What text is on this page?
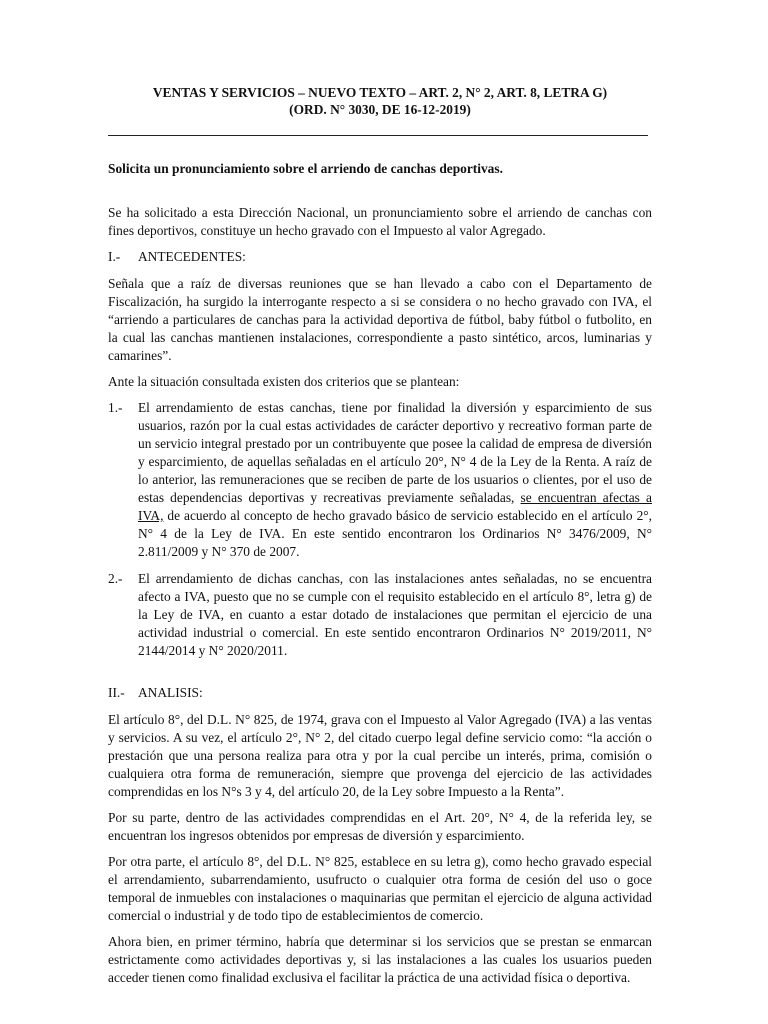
VENTAS Y SERVICIOS – NUEVO TEXTO – ART. 2, N° 2, ART. 8, LETRA G)

(ORD. N° 3030, DE 16-12-2019)

Solicita un pronunciamiento sobre el arriendo de canchas deportivas.

Se ha solicitado a esta Dirección Nacional, un pronunciamiento sobre el arriendo de canchas con fines deportivos, constituye un hecho gravado con el Impuesto al valor Agregado.

I.-	ANTECEDENTES:

Señala que a raíz de diversas reuniones que se han llevado a cabo con el Departamento de Fiscalización, ha surgido la interrogante respecto a si se considera o no hecho gravado con IVA, el “arriendo a particulares de canchas para la actividad deportiva de fútbol, baby fútbol o futbolito, en la cual las canchas mantienen instalaciones, correspondiente a pasto sintético, arcos, luminarias y camarines”.

Ante la situación consultada existen dos criterios que se plantean:

1.-	El arrendamiento de estas canchas, tiene por finalidad la diversión y esparcimiento de sus usuarios, razón por la cual estas actividades de carácter deportivo y recreativo forman parte de un servicio integral prestado por un contribuyente que posee la calidad de empresa de diversión y esparcimiento, de aquellas señaladas en el artículo 20°, N° 4 de la Ley de la Renta. A raíz de lo anterior, las remuneraciones que se reciben de parte de los usuarios o clientes, por el uso de estas dependencias deportivas y recreativas previamente señaladas, se encuentran afectas a IVA, de acuerdo al concepto de hecho gravado básico de servicio establecido en el artículo 2°, N° 4 de la Ley de IVA. En este sentido encontraron los Ordinarios N° 3476/2009, N° 2.811/2009 y N° 370 de 2007.
2.-	El arrendamiento de dichas canchas, con las instalaciones antes señaladas, no se encuentra afecto a IVA, puesto que no se cumple con el requisito establecido en el artículo 8°, letra g) de la Ley de IVA, en cuanto a estar dotado de instalaciones que permitan el ejercicio de una actividad industrial o comercial. En este sentido encontraron Ordinarios N° 2019/2011, N° 2144/2014 y N° 2020/2011.
II.- ANALISIS:

El artículo 8°, del D.L. N° 825, de 1974, grava con el Impuesto al Valor Agregado (IVA) a las ventas y servicios. A su vez, el artículo 2°, N° 2, del citado cuerpo legal define servicio como: “la acción o prestación que una persona realiza para otra y por la cual percibe un interés, prima, comisión o cualquiera otra forma de remuneración, siempre que provenga del ejercicio de las actividades comprendidas en los N°s 3 y 4, del artículo 20, de la Ley sobre Impuesto a la Renta”.

Por su parte, dentro de las actividades comprendidas en el Art. 20°, N° 4, de la referida ley, se encuentran los ingresos obtenidos por empresas de diversión y esparcimiento.

Por otra parte, el artículo 8°, del D.L. N° 825, establece en su letra g), como hecho gravado especial el arrendamiento, subarrendamiento, usufructo o cualquier otra forma de cesión del uso o goce temporal de inmuebles con instalaciones o maquinarias que permitan el ejercicio de alguna actividad comercial o industrial y de todo tipo de establecimientos de comercio.

Ahora bien, en primer término, habría que determinar si los servicios que se prestan se enmarcan estrictamente como actividades deportivas y, si las instalaciones a las cuales los usuarios pueden acceder tienen como finalidad exclusiva el facilitar la práctica de una actividad física o deportiva.
